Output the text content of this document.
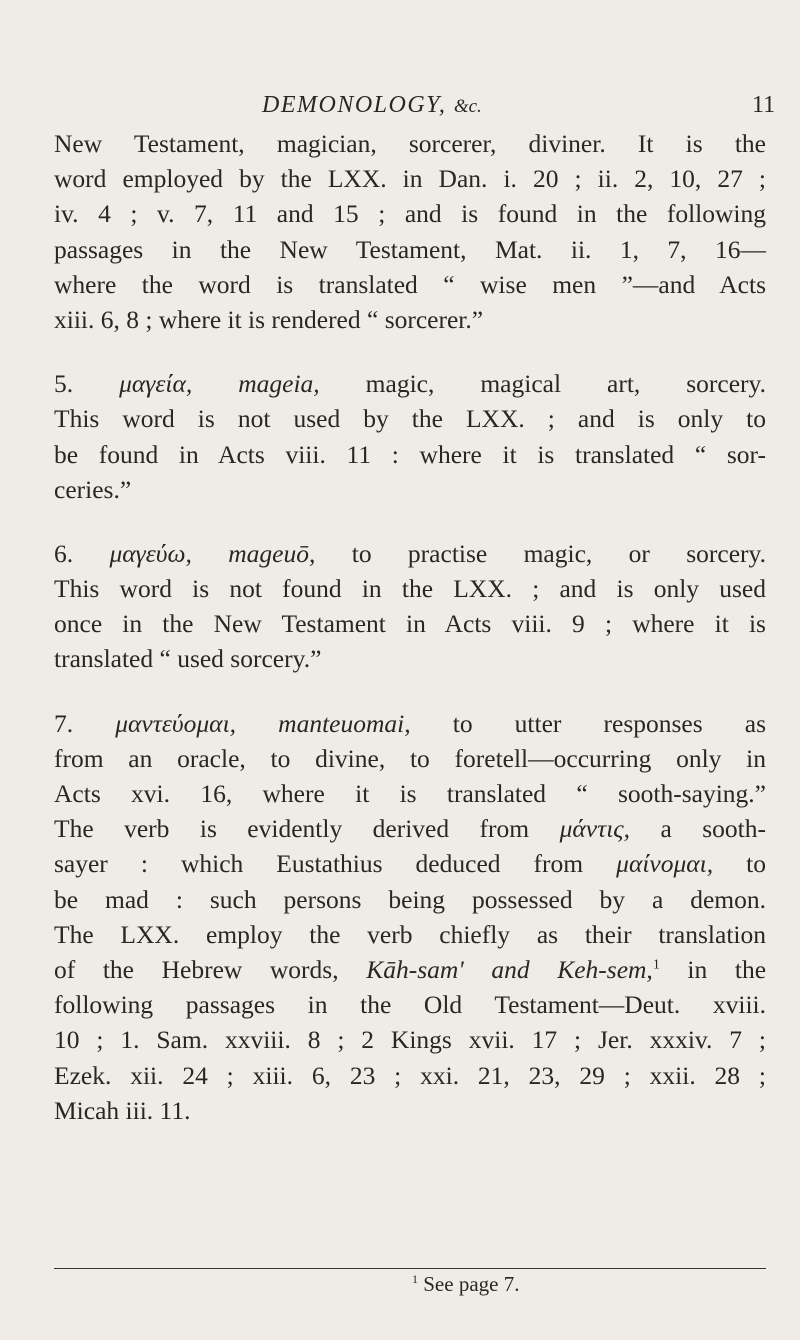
DEMONOLOGY, &c.	11
New Testament, magician, sorcerer, diviner. It is the
word employed by the LXX. in Dan. i. 20 ; ii. 2, 10, 27 ;
iv. 4 ; v. 7, 11 and 15 ; and is found in the following
passages in the New Testament, Mat. ii. 1, 7, 16—
where the word is translated “ wise men ”—and Acts
xiii. 6, 8 ; where it is rendered “ sorcerer.”
5. μαγεία, mageia, magic, magical art, sorcery.
This word is not used by the LXX. ; and is only to
be found in Acts viii. 11 : where it is translated “ sor-
ceries.”
6. μαγεύω, mageuō, to practise magic, or sorcery.
This word is not found in the LXX. ; and is only used
once in the New Testament in Acts viii. 9 ; where it is
translated “ used sorcery.”
7. μαντεύομαι, manteuomai, to utter responses as
from an oracle, to divine, to foretell—occurring only in
Acts xvi. 16, where it is translated “ sooth-saying.”
The verb is evidently derived from μάντις, a sooth-
sayer : which Eustathius deduced from μαίνομαι, to
be mad : such persons being possessed by a demon.
The LXX. employ the verb chiefly as their translation
of the Hebrew words, Kāh-sam' and Keh-sem,$^1$ in the
following passages in the Old Testament—Deut. xviii.
10 ; 1. Sam. xxviii. 8 ; 2 Kings xvii. 17 ; Jer. xxxiv. 7 ;
Ezek. xii. 24 ; xiii. 6, 23 ; xxi. 21, 23, 29 ; xxii. 28 ;
Micah iii. 11.
$^1$ See page 7.
